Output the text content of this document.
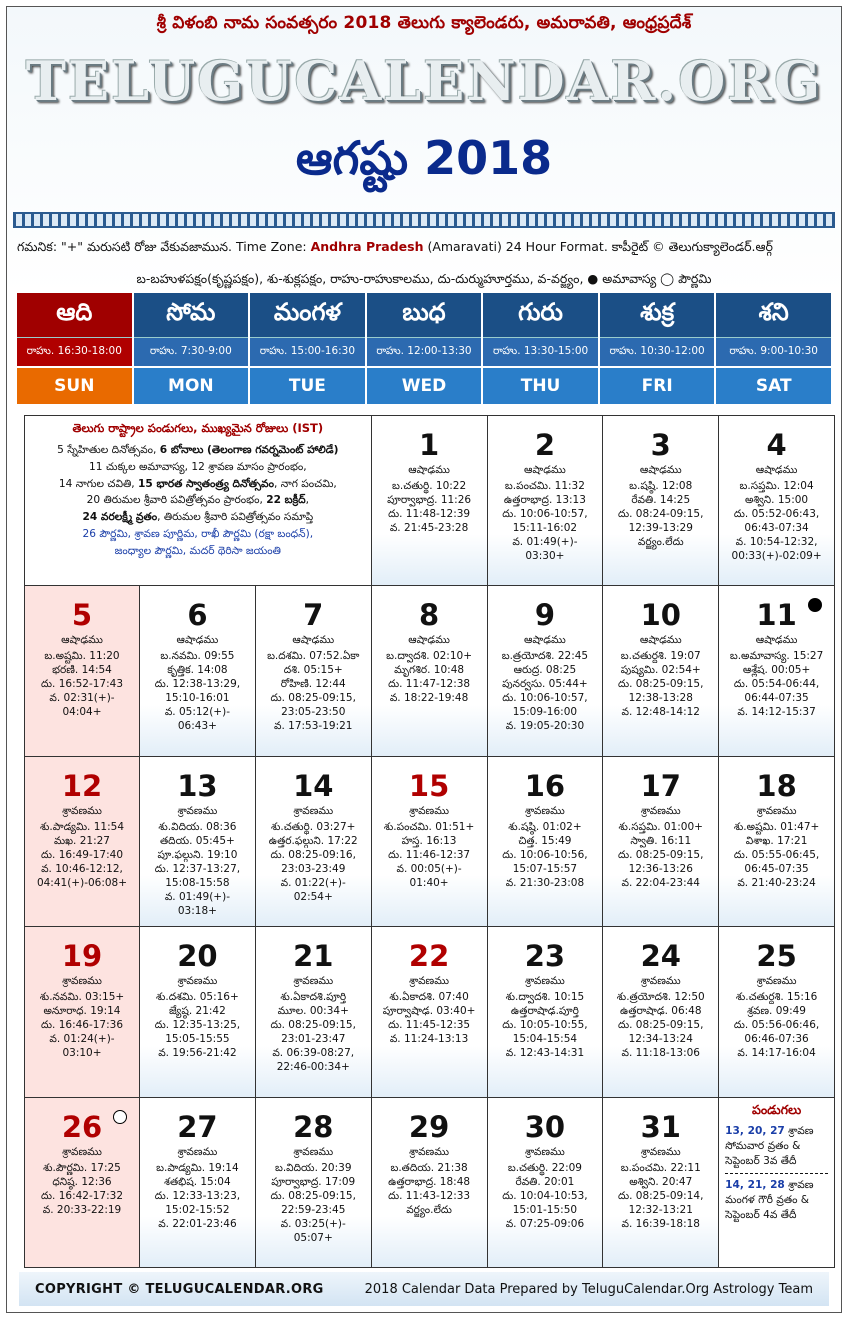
శ్రీ విళంబి నామ సంవత్సరం 2018 తెలుగు క్యాలెండరు, అమరావతి, ఆంధ్రప్రదేశ్
TELUGUCALENDAR.ORG
ఆగష్టు 2018
గమనిక: "+" మరుసటి రోజు వేకువజామున. Time Zone: Andhra Pradesh (Amaravati) 24 Hour Format. కాపీరైట్ © తెలుగుక్యాలెండర్.ఆర్గ్
బ-బహుళపక్షం(కృష్ణపక్షం), శు-శుక్లపక్షం, రాహు-రాహుకాలము, దు-దుర్ముహూర్తము, వ-వర్జ్యం, ● అమావాస్య ◯ పౌర్ణమి
ఆది
రాహు. 16:30-18:00
SUN
సోమ
రాహు. 7:30-9:00
MON
మంగళ
రాహు. 15:00-16:30
TUE
బుధ
రాహు. 12:00-13:30
WED
గురు
రాహు. 13:30-15:00
THU
శుక్ర
రాహు. 10:30-12:00
FRI
శని
రాహు. 9:00-10:30
SAT
తెలుగు రాష్ట్రాల పండుగలు, ముఖ్యమైన రోజులు (IST)
5 స్నేహితుల దినోత్సవం, 6 బోనాలు (తెలంగాణ గవర్నమెంట్ హాలిడే)
11 చుక్కల అమావాస్య, 12 శ్రావణ మాసం ప్రారంభం,
14 నాగుల చవితి, 15 భారత స్వాతంత్ర్య దినోత్సవం, నాగ పంచమి,
20 తిరుమల శ్రీవారి పవిత్రోత్సవం ప్రారంభం, 22 బక్రీద్,
24 వరలక్ష్మీ వ్రతం, తిరుమల శ్రీవారి పవిత్రోత్సవం సమాప్తి
26 పౌర్ణమి, శ్రావణ పూర్ణిమ, రాఖీ పౌర్ణమి (రక్షా బంధన్),
జంధ్యాల పౌర్ణమి, మదర్ థెరిసా జయంతి
1
ఆషాఢము
బ.చతుర్థి. 10:22
పూర్వాభాద్ర. 11:26
దు. 11:48-12:39
వ. 21:45-23:28
2
ఆషాఢము
బ.పంచమి. 11:32
ఉత్తరాభాద్ర. 13:13
దు. 10:06-10:57,
15:11-16:02
వ. 01:49(+)-
03:30+
3
ఆషాఢము
బ.షష్ఠి. 12:08
రేవతి. 14:25
దు. 08:24-09:15,
12:39-13:29
వర్జ్యం.లేదు
4
ఆషాఢము
బ.సప్తమి. 12:04
అశ్విని. 15:00
దు. 05:52-06:43,
06:43-07:34
వ. 10:54-12:32,
00:33(+)-02:09+
5
ఆషాఢము
బ.అష్టమి. 11:20
భరణి. 14:54
దు. 16:52-17:43
వ. 02:31(+)-
04:04+
6
ఆషాఢము
బ.నవమి. 09:55
కృత్తిక. 14:08
దు. 12:38-13:29,
15:10-16:01
వ. 05:12(+)-
06:43+
7
ఆషాఢము
బ.దశమి. 07:52.ఏకా
దశి. 05:15+
రోహిణి. 12:44
దు. 08:25-09:15,
23:05-23:50
వ. 17:53-19:21
8
ఆషాఢము
బ.ద్వాదశి. 02:10+
మృగశిర. 10:48
దు. 11:47-12:38
వ. 18:22-19:48
9
ఆషాఢము
బ.త్రయోదశి. 22:45
ఆరుద్ర. 08:25
పునర్వసు. 05:44+
దు. 10:06-10:57,
15:09-16:00
వ. 19:05-20:30
10
ఆషాఢము
బ.చతుర్దశి. 19:07
పుష్యమి. 02:54+
దు. 08:25-09:15,
12:38-13:28
వ. 12:48-14:12
11
ఆషాఢము
బ.అమావాస్య. 15:27
ఆశ్లేష. 00:05+
దు. 05:54-06:44,
06:44-07:35
వ. 14:12-15:37
12
శ్రావణము
శు.పాడ్యమి. 11:54
మఖ. 21:27
దు. 16:49-17:40
వ. 10:46-12:12,
04:41(+)-06:08+
13
శ్రావణము
శు.విదియ. 08:36
తదియ. 05:45+
పూ.ఫల్గుని. 19:10
దు. 12:37-13:27,
15:08-15:58
వ. 01:49(+)-
03:18+
14
శ్రావణము
శు.చతుర్థి. 03:27+
ఉత్తర.ఫల్గుని. 17:22
దు. 08:25-09:16,
23:03-23:49
వ. 01:22(+)-
02:54+
15
శ్రావణము
శు.పంచమి. 01:51+
హస్త. 16:13
దు. 11:46-12:37
వ. 00:05(+)-
01:40+
16
శ్రావణము
శు.షష్ఠి. 01:02+
చిత్త. 15:49
దు. 10:06-10:56,
15:07-15:57
వ. 21:30-23:08
17
శ్రావణము
శు.సప్తమి. 01:00+
స్వాతి. 16:11
దు. 08:25-09:15,
12:36-13:26
వ. 22:04-23:44
18
శ్రావణము
శు.అష్టమి. 01:47+
విశాఖ. 17:21
దు. 05:55-06:45,
06:45-07:35
వ. 21:40-23:24
19
శ్రావణము
శు.నవమి. 03:15+
అనూరాధ. 19:14
దు. 16:46-17:36
వ. 01:24(+)-
03:10+
20
శ్రావణము
శు.దశమి. 05:16+
జ్యేష్ఠ. 21:42
దు. 12:35-13:25,
15:05-15:55
వ. 19:56-21:42
21
శ్రావణము
శు.ఏకాదశి.పూర్తి
మూల. 00:34+
దు. 08:25-09:15,
23:01-23:47
వ. 06:39-08:27,
22:46-00:34+
22
శ్రావణము
శు.ఏకాదశి. 07:40
పూర్వాషాఢ. 03:40+
దు. 11:45-12:35
వ. 11:24-13:13
23
శ్రావణము
శు.ద్వాదశి. 10:15
ఉత్తరాషాఢ.పూర్తి
దు. 10:05-10:55,
15:04-15:54
వ. 12:43-14:31
24
శ్రావణము
శు.త్రయోదశి. 12:50
ఉత్తరాషాఢ. 06:48
దు. 08:25-09:15,
12:34-13:24
వ. 11:18-13:06
25
శ్రావణము
శు.చతుర్దశి. 15:16
శ్రవణ. 09:49
దు. 05:56-06:46,
06:46-07:36
వ. 14:17-16:04
26
శ్రావణము
శు.పౌర్ణమి. 17:25
ధనిష్ఠ. 12:36
దు. 16:42-17:32
వ. 20:33-22:19
27
శ్రావణము
బ.పాడ్యమి. 19:14
శతభిష. 15:04
దు. 12:33-13:23,
15:02-15:52
వ. 22:01-23:46
28
శ్రావణము
బ.విదియ. 20:39
పూర్వాభాద్ర. 17:09
దు. 08:25-09:15,
22:59-23:45
వ. 03:25(+)-
05:07+
29
శ్రావణము
బ.తదియ. 21:38
ఉత్తరాభాద్ర. 18:48
దు. 11:43-12:33
వర్జ్యం.లేదు
30
శ్రావణము
బ.చతుర్థి. 22:09
రేవతి. 20:01
దు. 10:04-10:53,
15:01-15:50
వ. 07:25-09:06
31
శ్రావణము
బ.పంచమి. 22:11
అశ్విని. 20:47
దు. 08:25-09:14,
12:32-13:21
వ. 16:39-18:18
పండుగలు
13, 20, 27 శ్రావణ సోమవార వ్రతం & సెప్టెంబర్ 3వ తేదీ
14, 21, 28 శ్రావణ మంగళ గౌరీ వ్రతం & సెప్టెంబర్ 4వ తేదీ
COPYRIGHT © TELUGUCALENDAR.ORG	2018 Calendar Data Prepared by TeluguCalendar.Org Astrology Team
